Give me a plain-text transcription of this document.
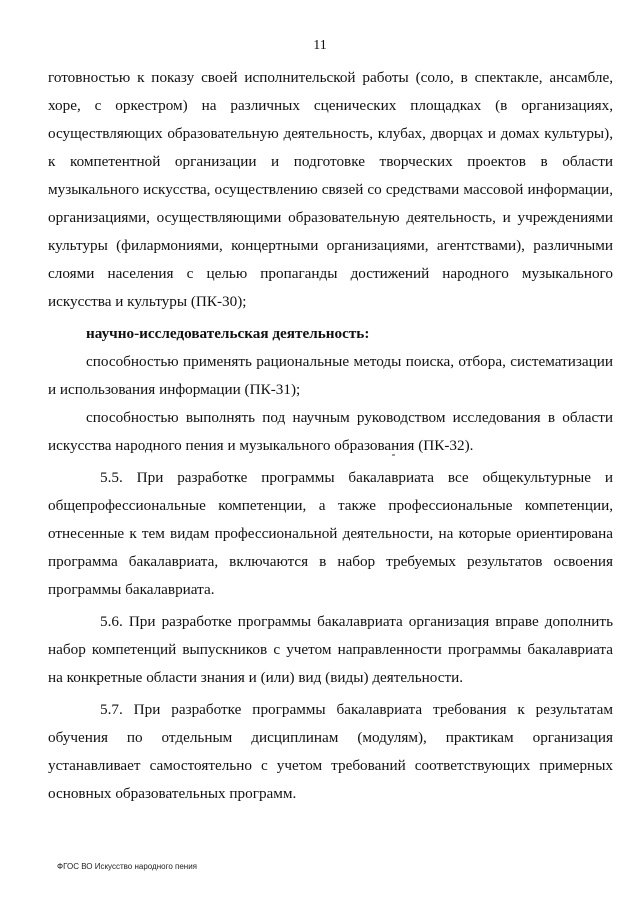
11

готовностью к показу своей исполнительской работы (соло, в спектакле, ансамбле, хоре, с оркестром) на различных сценических площадках (в организациях, осуществляющих образовательную деятельность, клубах, дворцах и домах культуры), к компетентной организации и подготовке творческих проектов в области музыкального искусства, осуществлению связей со средствами массовой информации, организациями, осуществляющими образовательную деятельность, и учреждениями культуры (филармониями, концертными организациями, агентствами), различными слоями населения с целью пропаганды достижений народного музыкального искусства и культуры (ПК-30);

научно-исследовательская деятельность:

способностью применять рациональные методы поиска, отбора, систематизации и использования информации (ПК-31);

способностью выполнять под научным руководством исследования в области искусства народного пения и музыкального образования (ПК-32).

5.5. При разработке программы бакалавриата все общекультурные и общепрофессиональные компетенции, а также профессиональные компетенции, отнесенные к тем видам профессиональной деятельности, на которые ориентирована программа бакалавриата, включаются в набор требуемых результатов освоения программы бакалавриата.

5.6. При разработке программы бакалавриата организация вправе дополнить набор компетенций выпускников с учетом направленности программы бакалавриата на конкретные области знания и (или) вид (виды) деятельности.

5.7. При разработке программы бакалавриата требования к результатам обучения по отдельным дисциплинам (модулям), практикам организация устанавливает самостоятельно с учетом требований соответствующих примерных основных образовательных программ.

ФГОС ВО Искусство народного пения
